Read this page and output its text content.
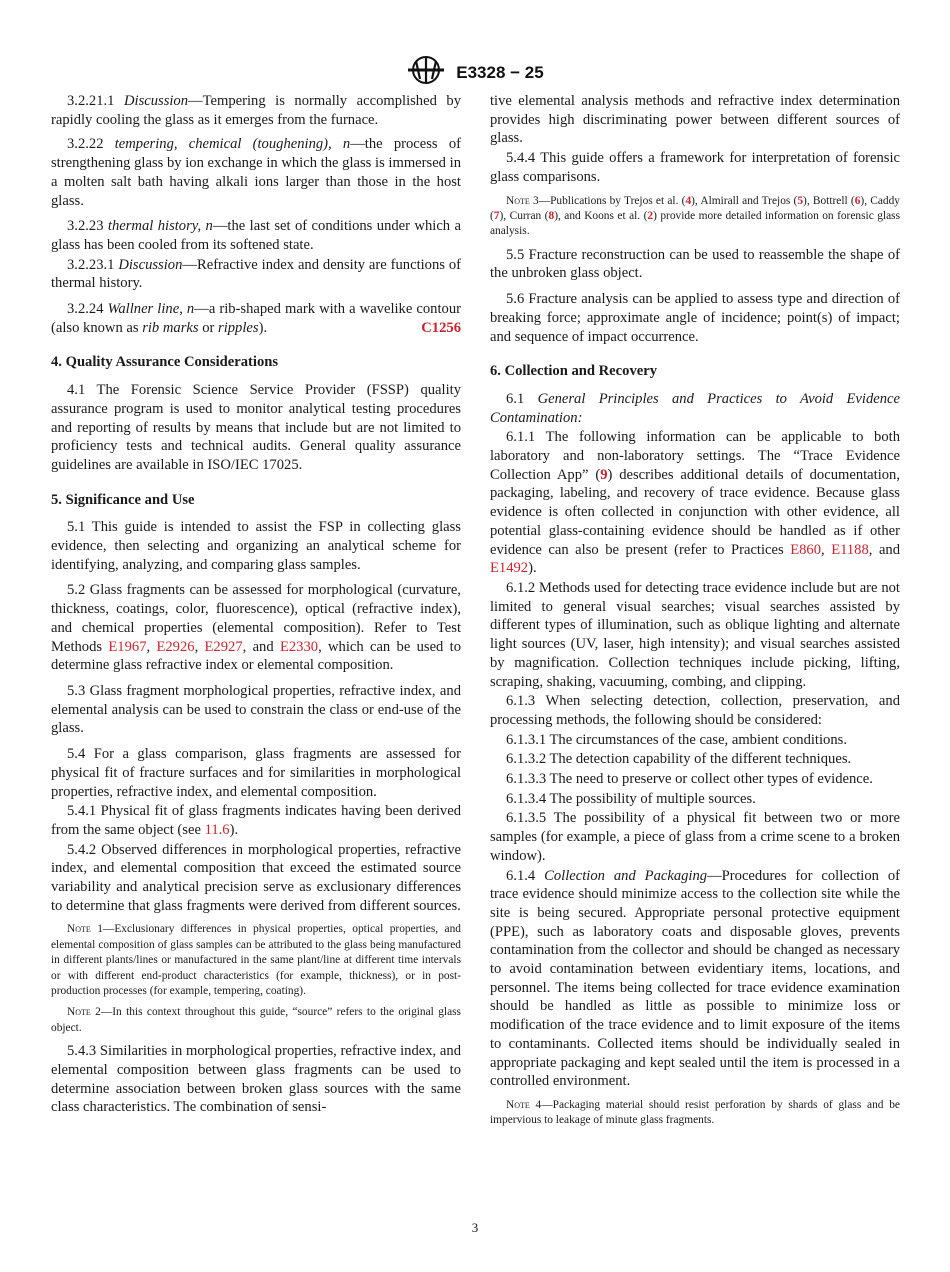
E3328 − 25

3.2.21.1 Discussion—Tempering is normally accomplished by rapidly cooling the glass as it emerges from the furnace.

3.2.22 tempering, chemical (toughening), n—the process of strengthening glass by ion exchange in which the glass is immersed in a molten salt bath having alkali ions larger than those in the host glass.

3.2.23 thermal history, n—the last set of conditions under which a glass has been cooled from its softened state.

3.2.23.1 Discussion—Refractive index and density are functions of thermal history.

3.2.24 Wallner line, n—a rib-shaped mark with a wavelike contour (also known as rib marks or ripples).	C1256

4. Quality Assurance Considerations

4.1 The Forensic Science Service Provider (FSSP) quality assurance program is used to monitor analytical testing procedures and reporting of results by means that include but are not limited to proficiency tests and technical audits. General quality assurance guidelines are available in ISO/IEC 17025.

5. Significance and Use

5.1 This guide is intended to assist the FSP in collecting glass evidence, then selecting and organizing an analytical scheme for identifying, analyzing, and comparing glass samples.

5.2 Glass fragments can be assessed for morphological (curvature, thickness, coatings, color, fluorescence), optical (refractive index), and chemical properties (elemental composition). Refer to Test Methods E1967, E2926, E2927, and E2330, which can be used to determine glass refractive index or elemental composition.

5.3 Glass fragment morphological properties, refractive index, and elemental analysis can be used to constrain the class or end-use of the glass.

5.4 For a glass comparison, glass fragments are assessed for physical fit of fracture surfaces and for similarities in morphological properties, refractive index, and elemental composition.

5.4.1 Physical fit of glass fragments indicates having been derived from the same object (see 11.6).

5.4.2 Observed differences in morphological properties, refractive index, and elemental composition that exceed the estimated source variability and analytical precision serve as exclusionary differences to determine that glass fragments were derived from different sources.

Note 1—Exclusionary differences in physical properties, optical properties, and elemental composition of glass samples can be attributed to the glass being manufactured in different plants/lines or manufactured in the same plant/line at different time intervals or with different end-product characteristics (for example, thickness), or in post-production processes (for example, tempering, coating).
Note 2—In this context throughout this guide, “source” refers to the original glass object.

5.4.3 Similarities in morphological properties, refractive index, and elemental composition between glass fragments can be used to determine association between broken glass sources with the same class characteristics. The combination of sensi-

tive elemental analysis methods and refractive index determination provides high discriminating power between different sources of glass.

5.4.4 This guide offers a framework for interpretation of forensic glass comparisons.

Note 3—Publications by Trejos et al. (4), Almirall and Trejos (5), Bottrell (6), Caddy (7), Curran (8), and Koons et al. (2) provide more detailed information on forensic glass analysis.

5.5 Fracture reconstruction can be used to reassemble the shape of the unbroken glass object.

5.6 Fracture analysis can be applied to assess type and direction of breaking force; approximate angle of incidence; point(s) of impact; and sequence of impact occurrence.

6. Collection and Recovery

6.1 General Principles and Practices to Avoid Evidence Contamination:

6.1.1 The following information can be applicable to both laboratory and non-laboratory settings. The “Trace Evidence Collection App” (9) describes additional details of documentation, packaging, labeling, and recovery of trace evidence. Because glass evidence is often collected in conjunction with other evidence, all potential glass-containing evidence should be handled as if other evidence can also be present (refer to Practices E860, E1188, and E1492).

6.1.2 Methods used for detecting trace evidence include but are not limited to general visual searches; visual searches assisted by different types of illumination, such as oblique lighting and alternate light sources (UV, laser, high intensity); and visual searches assisted by magnification. Collection techniques include picking, lifting, scraping, shaking, vacuuming, combing, and clipping.

6.1.3 When selecting detection, collection, preservation, and processing methods, the following should be considered:

6.1.3.1 The circumstances of the case, ambient conditions.

6.1.3.2 The detection capability of the different techniques.

6.1.3.3 The need to preserve or collect other types of evidence.

6.1.3.4 The possibility of multiple sources.

6.1.3.5 The possibility of a physical fit between two or more samples (for example, a piece of glass from a crime scene to a broken window).

6.1.4 Collection and Packaging—Procedures for collection of trace evidence should minimize access to the collection site while the site is being secured. Appropriate personal protective equipment (PPE), such as laboratory coats and disposable gloves, prevents contamination from the collector and should be changed as necessary to avoid contamination between evidentiary items, locations, and personnel. The items being collected for trace evidence examination should be handled as little as possible to minimize loss or modification of the trace evidence and to limit exposure of the items to contaminants. Collected items should be individually sealed in appropriate packaging and kept sealed until the item is processed in a controlled environment.

Note 4—Packaging material should resist perforation by shards of glass and be impervious to leakage of minute glass fragments.
3
